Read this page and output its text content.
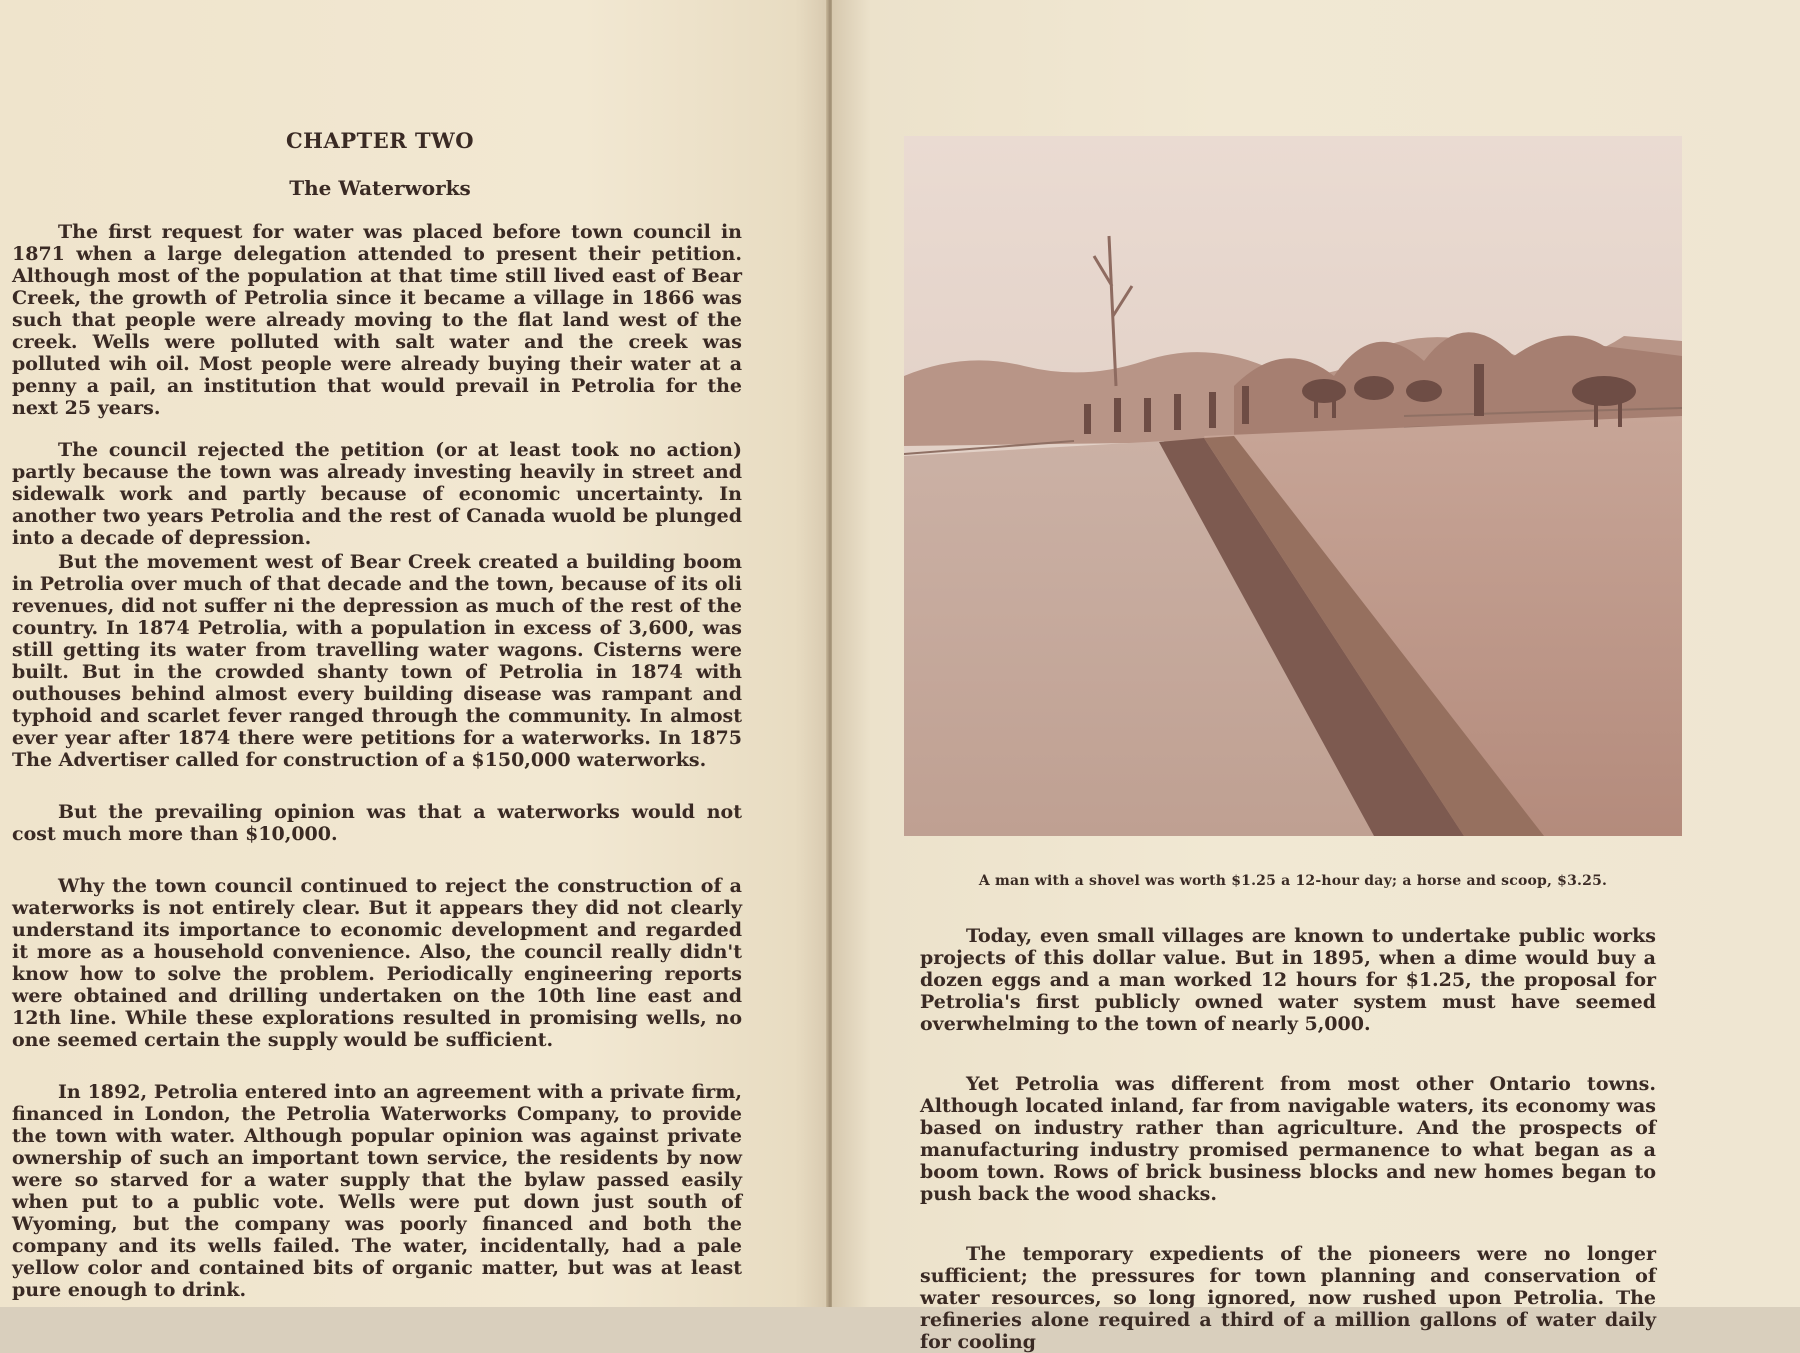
CHAPTER TWO
The Waterworks

The first request for water was placed before town council in 1871 when a large delegation attended to present their petition. Although most of the population at that time still lived east of Bear Creek, the growth of Petrolia since it became a village in 1866 was such that people were already moving to the flat land west of the creek. Wells were polluted with salt water and the creek was polluted wih oil. Most people were already buying their water at a penny a pail, an institution that would prevail in Petrolia for the next 25 years.

The council rejected the petition (or at least took no action) partly because the town was already investing heavily in street and sidewalk work and partly because of economic uncertainty. In another two years Petrolia and the rest of Canada wuold be plunged into a decade of depression.

But the movement west of Bear Creek created a building boom in Petrolia over much of that decade and the town, because of its oli revenues, did not suffer ni the depression as much of the rest of the country. In 1874 Petrolia, with a population in excess of 3,600, was still getting its water from travelling water wagons. Cisterns were built. But in the crowded shanty town of Petrolia in 1874 with outhouses behind almost every building disease was rampant and typhoid and scarlet fever ranged through the community. In almost ever year after 1874 there were petitions for a waterworks. In 1875 The Advertiser called for construction of a $150,000 waterworks.

But the prevailing opinion was that a waterworks would not cost much more than $10,000.

Why the town council continued to reject the construction of a waterworks is not entirely clear. But it appears they did not clearly understand its importance to economic development and regarded it more as a household convenience. Also, the council really didn't know how to solve the problem. Periodically engineering reports were obtained and drilling undertaken on the 10th line east and 12th line. While these explorations resulted in promising wells, no one seemed certain the supply would be sufficient.

In 1892, Petrolia entered into an agreement with a private firm, financed in London, the Petrolia Waterworks Company, to provide the town with water. Although popular opinion was against private ownership of such an important town service, the residents by now were so starved for a water supply that the bylaw passed easily when put to a public vote. Wells were put down just south of Wyoming, but the company was poorly financed and both the company and its wells failed. The water, incidentally, had a pale yellow color and contained bits of organic matter, but was at least pure enough to drink.

A man with a shovel was worth $1.25 a 12-hour day; a horse and scoop, $3.25.

Today, even small villages are known to undertake public works projects of this dollar value. But in 1895, when a dime would buy a dozen eggs and a man worked 12 hours for $1.25, the proposal for Petrolia's first publicly owned water system must have seemed overwhelming to the town of nearly 5,000.

Yet Petrolia was different from most other Ontario towns. Although located inland, far from navigable waters, its economy was based on industry rather than agriculture. And the prospects of manufacturing industry promised permanence to what began as a boom town. Rows of brick business blocks and new homes began to push back the wood shacks.

The temporary expedients of the pioneers were no longer sufficient; the pressures for town planning and conservation of water resources, so long ignored, now rushed upon Petrolia. The refineries alone required a third of a million gallons of water daily for cooling
